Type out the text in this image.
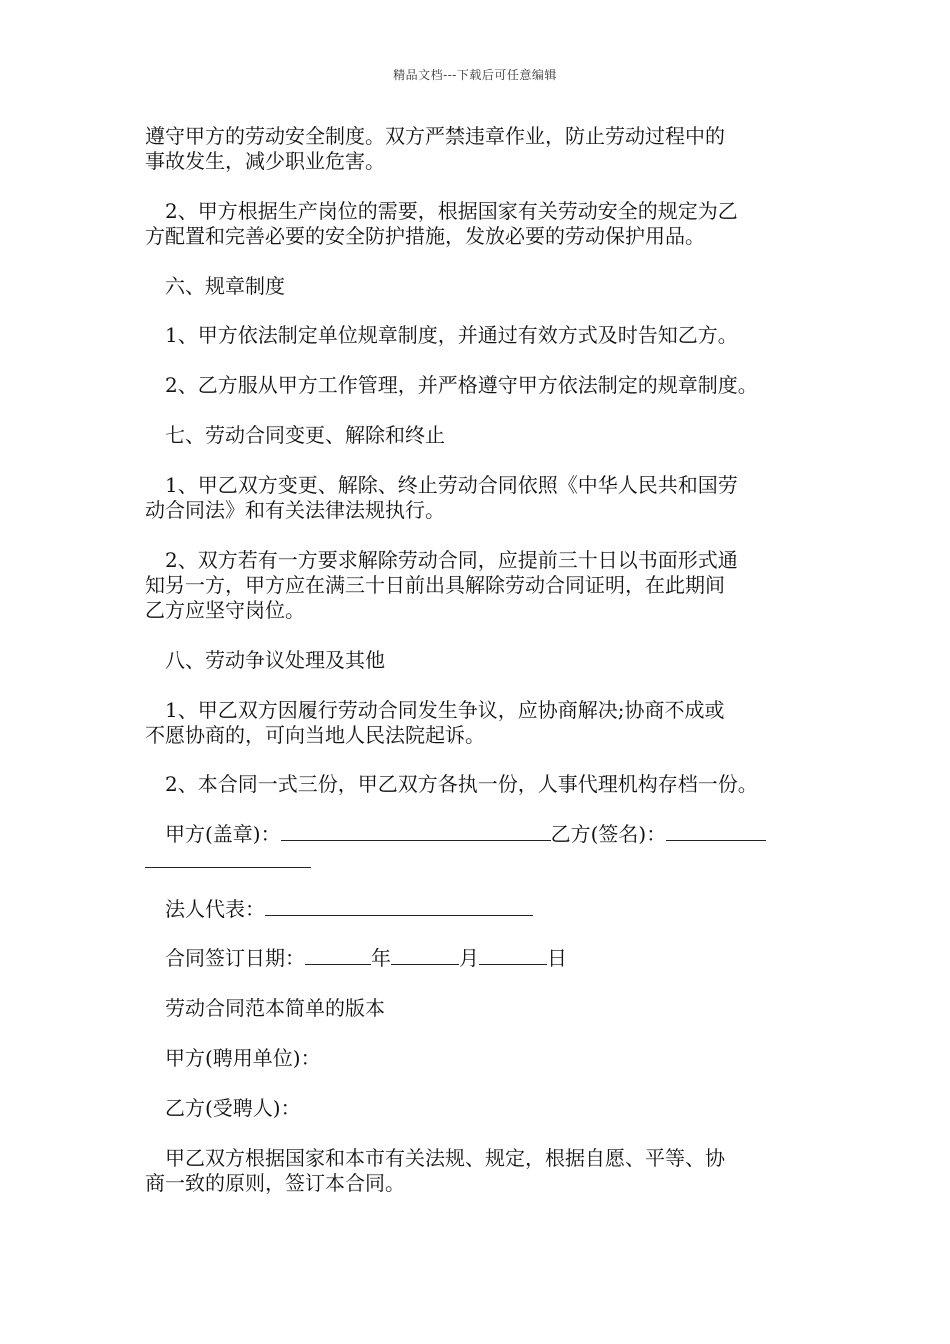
精品文档---下载后可任意编辑
遵守甲方的劳动安全制度。双方严禁违章作业，防止劳动过程中的
事故发生，减少职业危害。
2、甲方根据生产岗位的需要，根据国家有关劳动安全的规定为乙
方配置和完善必要的安全防护措施，发放必要的劳动保护用品。
六、规章制度
1、甲方依法制定单位规章制度，并通过有效方式及时告知乙方。
2、乙方服从甲方工作管理，并严格遵守甲方依法制定的规章制度。
七、劳动合同变更、解除和终止
1、甲乙双方变更、解除、终止劳动合同依照《中华人民共和国劳
动合同法》和有关法律法规执行。
2、双方若有一方要求解除劳动合同，应提前三十日以书面形式通
知另一方，甲方应在满三十日前出具解除劳动合同证明，在此期间
乙方应坚守岗位。
八、劳动争议处理及其他
1、甲乙双方因履行劳动合同发生争议，应协商解决;协商不成或
不愿协商的，可向当地人民法院起诉。
2、本合同一式三份，甲乙双方各执一份，人事代理机构存档一份。
甲方(盖章)：	乙方(签名)：
法人代表：
合同签订日期：	年	月	日
劳动合同范本简单的版本
甲方(聘用单位)：
乙方(受聘人)：
甲乙双方根据国家和本市有关法规、规定，根据自愿、平等、协
商一致的原则，签订本合同。
